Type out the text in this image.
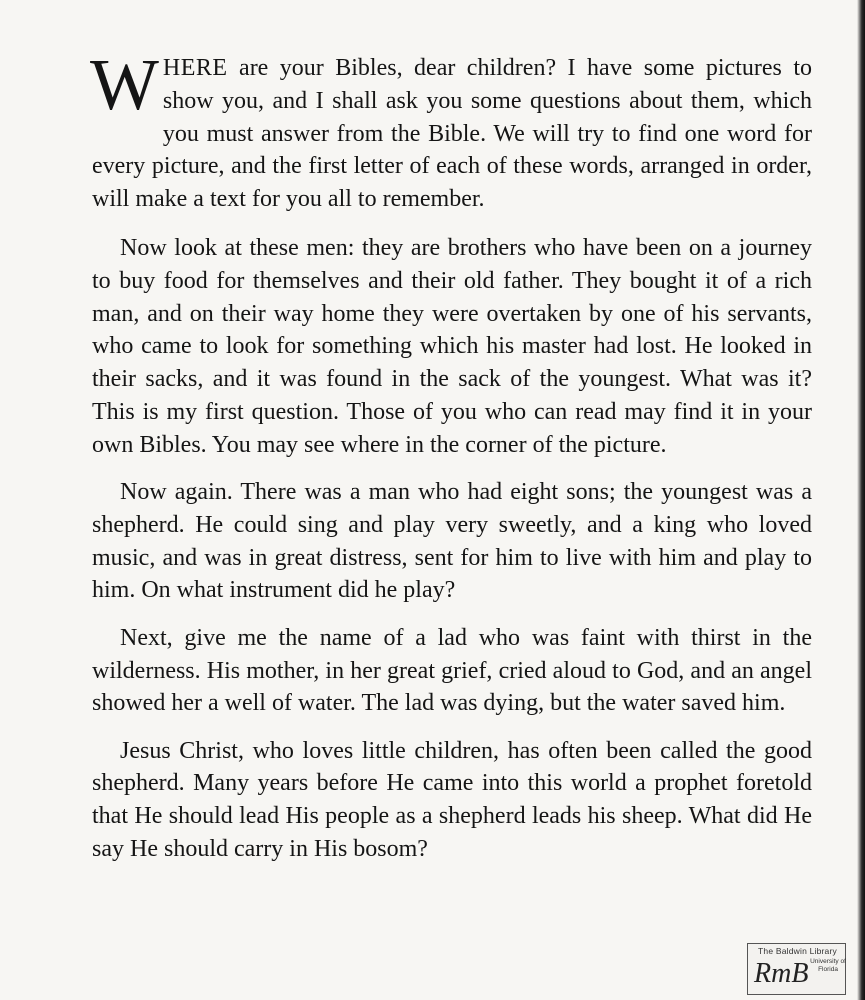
WHERE are your Bibles, dear children? I have some pictures to show you, and I shall ask you some questions about them, which you must answer from the Bible. We will try to find one word for every picture, and the first letter of each of these words, arranged in order, will make a text for you all to remember.

Now look at these men: they are brothers who have been on a journey to buy food for themselves and their old father. They bought it of a rich man, and on their way home they were overtaken by one of his servants, who came to look for something which his master had lost. He looked in their sacks, and it was found in the sack of the youngest. What was it? This is my first question. Those of you who can read may find it in your own Bibles. You may see where in the corner of the picture.

Now again. There was a man who had eight sons; the youngest was a shepherd. He could sing and play very sweetly, and a king who loved music, and was in great distress, sent for him to live with him and play to him. On what instrument did he play?

Next, give me the name of a lad who was faint with thirst in the wilderness. His mother, in her great grief, cried aloud to God, and an angel showed her a well of water. The lad was dying, but the water saved him.

Jesus Christ, who loves little children, has often been called the good shepherd. Many years before He came into this world a prophet foretold that He should lead His people as a shepherd leads his sheep. What did He say He should carry in His bosom?

The Baldwin Library
RmB University of Florida
